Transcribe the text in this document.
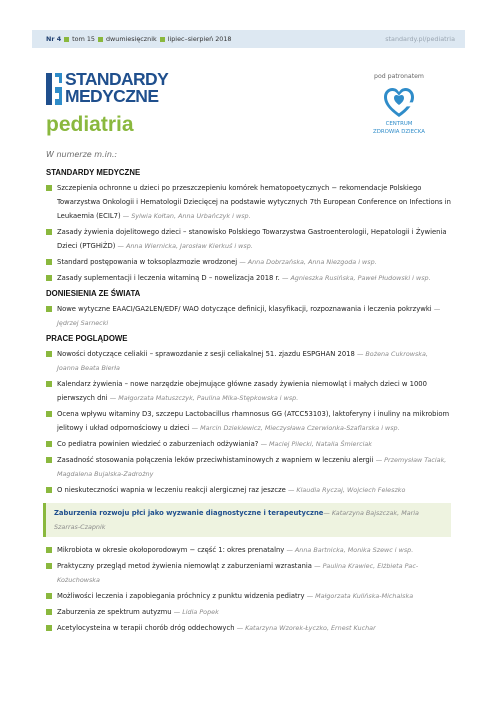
Nr 4 tom 15 dwumiesięcznik lipiec–sierpień 2018	standardy.pl/pediatria
STANDARDY
MEDYCZNE
pediatria
pod patronatem
CENTRUM
ZDROWIA DZIECKA
W numerze m.in.:
STANDARDY MEDYCZNE
Szczepienia ochronne u dzieci po przeszczepieniu komórek hematopoetycznych − rekomendacje Polskiego Towarzystwa Onkologii i Hematologii Dziecięcej na podstawie wytycznych 7th European Conference on Infections in Leukaemia (ECIL7) — Sylwia Kołtan, Anna Urbańczyk i wsp.
Zasady żywienia dojelitowego dzieci – stanowisko Polskiego Towarzystwa Gastroenterologii, Hepatologii i Żywienia Dzieci (PTGHiŻD) — Anna Wiernicka, Jarosław Kierkuś i wsp.
Standard postępowania w toksoplazmozie wrodzonej — Anna Dobrzańska, Anna Niezgoda i wsp.
Zasady suplementacji i leczenia witaminą D – nowelizacja 2018 r. — Agnieszka Rusińska, Paweł Płudowski i wsp.
DONIESIENIA ZE ŚWIATA
Nowe wytyczne EAACI/GA2LEN/EDF/ WAO dotyczące definicji, klasyfikacji, rozpoznawania i leczenia pokrzywki — Jędrzej Sarnecki
PRACE POGLĄDOWE
Nowości dotyczące celiakii – sprawozdanie z sesji celiakalnej 51. zjazdu ESPGHAN 2018 — Bożena Cukrowska, Joanna Beata Bierła
Kalendarz żywienia – nowe narzędzie obejmujące główne zasady żywienia niemowląt i małych dzieci w 1000 pierwszych dni — Małgorzata Matuszczyk, Paulina Mika-Stępkowska i wsp.
Ocena wpływu witaminy D3, szczepu Lactobacillus rhamnosus GG (ATCC53103), laktoferyny i inuliny na mikrobiom jelitowy i układ odpornościowy u dzieci — Marcin Dziekiewicz, Mieczysława Czerwionka-Szaflarska i wsp.
Co pediatra powinien wiedzieć o zaburzeniach odżywiania? — Maciej Pilecki, Natalia Śmierciak
Zasadność stosowania połączenia leków przeciwhistaminowych z wapniem w leczeniu alergii — Przemysław Taciak, Magdalena Bujalska-Zadrożny
O nieskuteczności wapnia w leczeniu reakcji alergicznej raz jeszcze — Klaudia Ryczaj, Wojciech Feleszko
Zaburzenia rozwoju płci jako wyzwanie diagnostyczne i terapeutyczne— Katarzyna Bajszczak, Maria Szarras-Czapnik
Mikrobiota w okresie okołoporodowym − część 1: okres prenatalny — Anna Bartnicka, Monika Szewc i wsp.
Praktyczny przegląd metod żywienia niemowląt z zaburzeniami wzrastania — Paulina Krawiec, Elżbieta Pac-Kożuchowska
Możliwości leczenia i zapobiegania próchnicy z punktu widzenia pediatry — Małgorzata Kulińska-Michalska
Zaburzenia ze spektrum autyzmu — Lidia Popek
Acetylocysteina w terapii chorób dróg oddechowych — Katarzyna Wzorek-Łyczko, Ernest Kuchar
